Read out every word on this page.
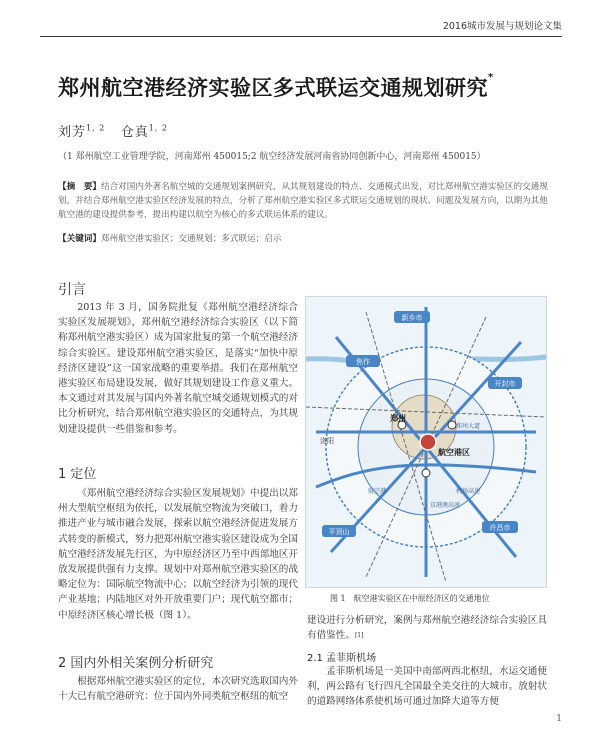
2016城市发展与规划论文集
郑州航空港经济实验区多式联运交通规划研究*
刘芳$^{1, 2}$ 仓真$^{1, 2}$
（1 郑州航空工业管理学院，河南郑州 450015;2 航空经济发展河南省协同创新中心，河南郑州 450015）
【摘　要】结合对国内外著名航空城的交通规划案例研究，从其规划建设的特点、交通模式出发，对比郑州航空港实验区的交通规划，并结合郑州航空港实验区经济发展的特点，分析了郑州航空港实验区多式联运交通规划的现状、问题及发展方向，以期为其他航空港的建设提供参考，提出构建以航空为核心的多式联运体系的建议。
【关键词】郑州航空港实验区；交通规划；多式联运；启示
引言
2013 年 3 月，国务院批复《郑州航空港经济综合实验区发展规划》，郑州航空港经济综合实验区（以下简称郑州航空港实验区）成为国家批复的第一个航空港经济综合实验区。建设郑州航空港实验区，是落实“加快中原经济区建设”这一国家战略的重要举措。我们在郑州航空港实验区布局建设发展，做好其规划建设工作意义重大。本文通过对其发展与国内外著名航空城交通规划模式的对比分析研究，结合郑州航空港实验区的交通特点，为其规划建设提供一些借鉴和参考。
1 定位
《郑州航空港经济综合实验区发展规划》中提出以郑州大型航空枢纽为依托，以发展航空物流为突破口，着力推进产业与城市融合发展，探索以航空港经济促进发展方式转变的新模式，努力把郑州航空港实验区建设成为全国航空港经济发展先行区，为中原经济区乃至中西部地区开放发展提供强有力支撑。规划中对郑州航空港实验区的战略定位为：国际航空物流中心；以航空经济为引领的现代产业基地；内陆地区对外开放重要门户；现代航空都市；中原经济区核心增长极（图 1）。
2 国内外相关案例分析研究
根据郑州航空港实验区的定位，本次研究选取国内外十大已有航空港研究：位于国内外同类航空枢纽的航空
新乡市
开封市
焦作
许昌市
平顶山
郑州
航空港区
洛阳
郑州大道
京港澳高速
机场高速
航空港
图 1　航空港实验区在中原经济区的交通地位
建设进行分析研究，案例与郑州航空港经济综合实验区具有借鉴性。[1]
2.1 孟菲斯机场
孟菲斯机场是一美国中南部两西北枢纽，水运交通便利，两公路有飞行四凡全国最全美交往的大城市。放射状的道路网络体系使机场可通过加降大道等方便
1
